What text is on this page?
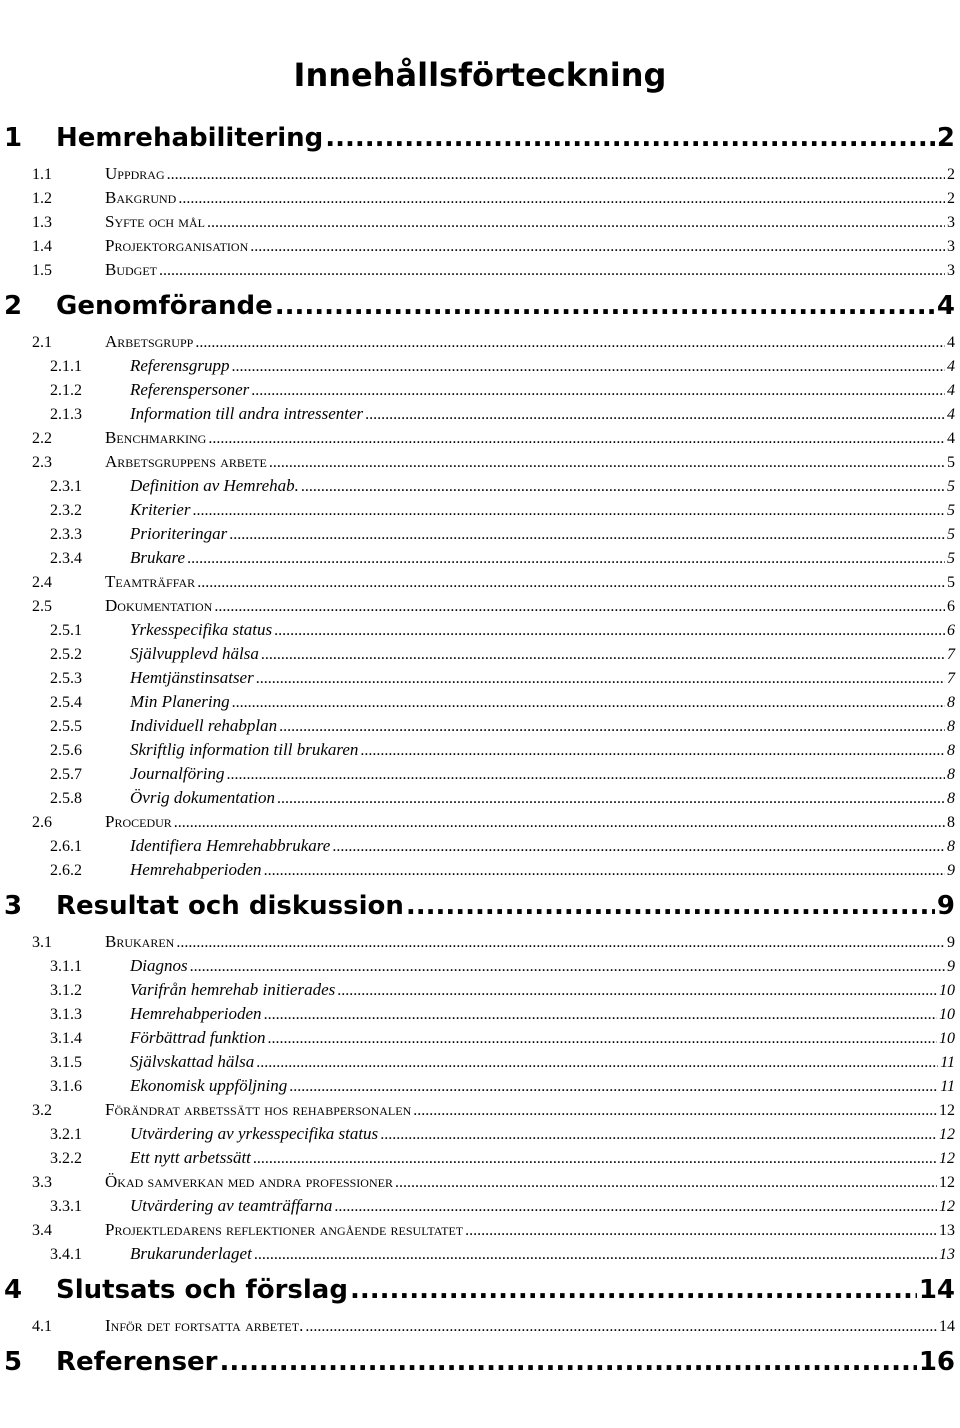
Innehållsförteckning
1	Hemrehabilitering .....	2
1.1	Uppdrag .....	2
1.2	Bakgrund .....	2
1.3	Syfte och mål .....	3
1.4	Projektorganisation .....	3
1.5	Budget .....	3
2	Genomförande .....	4
2.1	Arbetsgrupp .....	4
2.1.1	Referensgrupp .....	4
2.1.2	Referenspersoner .....	4
2.1.3	Information till andra intressenter .....	4
2.2	Benchmarking .....	4
2.3	Arbetsgruppens arbete .....	5
2.3.1	Definition av Hemrehab. .....	5
2.3.2	Kriterier .....	5
2.3.3	Prioriteringar .....	5
2.3.4	Brukare .....	5
2.4	Teamträffar .....	5
2.5	Dokumentation .....	6
2.5.1	Yrkesspecifika status .....	6
2.5.2	Självupplevd hälsa .....	7
2.5.3	Hemtjänstinsatser .....	7
2.5.4	Min Planering .....	8
2.5.5	Individuell rehabplan .....	8
2.5.6	Skriftlig information till brukaren .....	8
2.5.7	Journalföring .....	8
2.5.8	Övrig dokumentation .....	8
2.6	Procedur .....	8
2.6.1	Identifiera Hemrehabbrukare .....	8
2.6.2	Hemrehabperioden .....	9
3	Resultat och diskussion .....	9
3.1	Brukaren .....	9
3.1.1	Diagnos .....	9
3.1.2	Varifrån hemrehab initierades .....	10
3.1.3	Hemrehabperioden .....	10
3.1.4	Förbättrad funktion .....	10
3.1.5	Självskattad hälsa .....	11
3.1.6	Ekonomisk uppföljning .....	11
3.2	Förändrat arbetssätt hos rehabpersonalen .....	12
3.2.1	Utvärdering av yrkesspecifika status .....	12
3.2.2	Ett nytt arbetssätt .....	12
3.3	Ökad samverkan med andra professioner .....	12
3.3.1	Utvärdering av teamträffarna .....	12
3.4	Projektledarens reflektioner angående resultatet .....	13
3.4.1	Brukarunderlaget .....	13
4	Slutsats och förslag .....	14
4.1	Inför det fortsatta arbetet. .....	14
5	Referenser .....	16
